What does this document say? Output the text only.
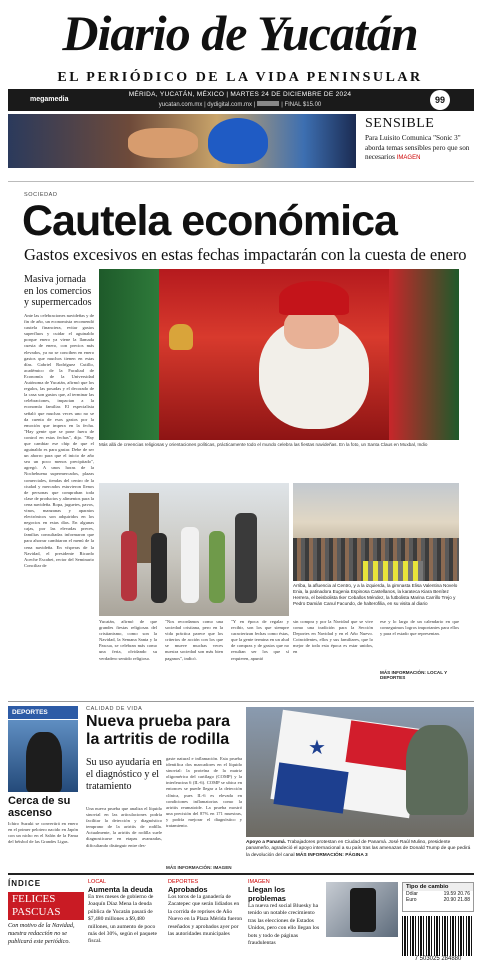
Diario de Yucatán
EL PERIÓDICO DE LA VIDA PENINSULAR
megamedia
MÉRIDA, YUCATÁN, MÉXICO | MARTES 24 DE DICIEMBRE DE 2024
yucatan.com.mx | dydigital.com.mx |	| FINAL $15.00	99
SENSIBLE
Para Luisito Comunica "Sonic 3" aborda temas sensibles pero que son necesarios IMAGEN
SOCIEDAD
Cautela económica
Gastos excesivos en estas fechas impactarán con la cuesta de enero
Masiva jornada en los comercios y supermercados
Ante las celebraciones navideñas y de fin de año, un economista recomendó cautela financiera, evitar gastos superfluos y cuidar el aguinaldo porque enero ya viene la llamada cuesta de enero, con precios más elevados, ya no se conciben en enero gastos que muchos tienen en estas días. Gabriel Rodríguez Cutillo, académico de la Facultad de Economía de la Universidad Autónoma de Yucatán, afirmó que los regalos, las posadas y el decorado de la casa son gastos que, al terminar las celebraciones, impactan a la economía familiar. El especialista señaló que muchas veces uno no se da cuenta de esos gastos por la emoción que impera en la fecha. "Hay gente que se pone fuera de control en estas fechas", dijo. "Hay que cambiar ese chip de que el aguinaldo es para gastar. Debe de ser un ahorro para que el inicio de año sea un poco menos precipitado", agregó. A unos horas de la Nochebuena supermercados, plazas comerciales, tiendas del centro de la ciudad y mercados estuvieron llenos de personas que compraban toda clase de productos y alimentos para la cena navideña. Ropa, juguetes, pavos, vinos, manzanas y aparatos electrónicos son adquiridos en los negocios en estas días. En algunas cajas, por las elevadas preces, familias consultadas informaron que para ahorrar cambiaron el menú de la cena navideña. En vísperas de la Navidad, el presidente Ricardo Aceche Escabet, rector del Seminario Conciliar de
Más allá de creencias religiosas y orientaciones políticas, prácticamente todo el mundo celebra las fiestas navideñas. En la foto, un Santa Claus en Muxbal, Indio
Arriba, la afluencia al Centro, y a la izquierda, la gimnasta Elisa Valentina Novelo Enia, la patinadora Eugenia Espinosa Castellanos, la karateca Kiara Benítez Herrera, el beisbolista Iker Ceballos Méndez, la futbolista Marina Carrillo Trejo y Pedro Damián Canul Facundo, de halterofilia, en su visita al diario
Yucatán, afirmó de que grandes fiestas religiosas del cristianismo, como son la Navidad, la Semana Santa y la Pascua, se celebran más como una feria, olvidando su verdadero sentido religioso.
"Nos recordamos como una sociedad cristiana, pero en la vida práctica parece que los criterios de acción con los que se mueve muchas veces nuestra sociedad son más bien paganos", indicó.
"Y en época de regalar y recibir, son los que siempre caracterizan fechas como éstas, que la gente termina en un alud de compras y de gastos que no resultan ser los que sí requieren, apuntó
sin compra y por la Navidad que se vive como una tradición para la Sección Deportes en Navidad y en el Año Nuevo. Coincidentes, ellos y sus familiares, que lo mejor de toda esta época es estar unidos, en
ese y lo largo de un calendario en que conseguimos logros importantes para ellos y para el estado que representan.
MÁS INFORMACIÓN: LOCAL Y DEPORTES
DEPORTES
Cerca de su ascenso
Ichiro Suzuki se convertirá en enero en el primer pelotero nacido en Japón con un nicho en el Salón de la Fama del béisbol de las Grandes Ligas.
CALIDAD DE VIDA
Nueva prueba para la artritis de rodilla
Su uso ayudaría en el diagnóstico y el tratamiento
Una nueva prueba que analiza el líquido sinovial en las articulaciones podría facilitar la detección y diagnóstico temprano de la artritis de rodilla. Actualmente, la artritis de rodilla suele diagnosticarse en etapas avanzadas, dificultando distinguir entre des-
gaste natural e inflamación. Esta prueba identifica dos marcadores en el líquido sinovial: la proteína de la matriz oligomérica del cartílago (COMP) y la interleucina 6 (IL-6). COMP se ubica en entonces se puede llegar a la detección clínica, pues IL-6 es elevada en condiciones inflamatorias como la artritis reumatoide. La prueba mostró una precisión del 87% en 171 muestras, y podría mejorar el diagnóstico y tratamiento.
MÁS INFORMACIÓN: IMAGEN
★
Apoyo a Panamá. Trabajadores protestan en Ciudad de Panamá. José Raúl Mulino, presidente panameño, agradeció el apoyo internacional a su país tras las amenazas de Donald Trump de que pedirá la devolución del canal MÁS INFORMACIÓN: PÁGINA 3
ÍNDICE
FELICES PASCUAS
Con motivo de la Navidad, nuestra redacción no se publicará este periódico.
LOCAL
Aumenta la deuda
En tres meses de gobierno de Joaquín Díaz Mena la deuda pública de Yucatán pasará de $7,480 millones a $9,480 millones, un aumento de poco más del 30%, según el paquete fiscal.
DEPORTES
Aprobados
Los toros de la ganadería de Zacatepec que serán lidiados en la corrida de reprises de Año Nuevo en la Plaza Mérida fueron reseñados y aprobados ayer por las autoridades municipales
IMAGEN
Llegan los problemas
La nueva red social Bluesky ha tenido un notable crecimiento tras las elecciones de Estados Unidos, pero con ello llegan los bots y todo de páginas fraudulentas
Tipo de cambio
Dólar	19.59 20.76
Euro	20.90 21.88
7 503025 284880
